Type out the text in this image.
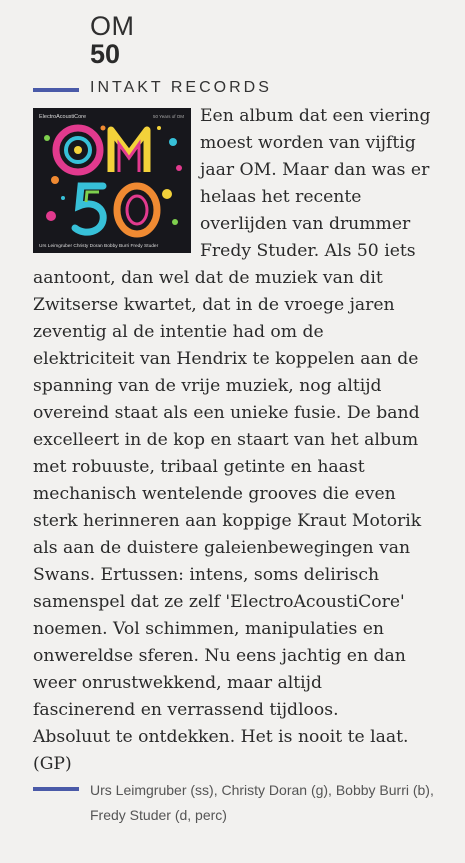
OM
50
INTAKT RECORDS
ElectroAcoustiCore	50 Years of OM
Urs Leimgruber Christy Doran Bobby Burri Fredy Studer
Een album dat een viering
moest worden van vijftig
jaar OM. Maar dan was er
helaas het recente
overlijden van drummer
Fredy Studer. Als 50 iets
aantoont, dan wel dat de muziek van dit
Zwitserse kwartet, dat in de vroege jaren
zeventig al de intentie had om de
elektriciteit van Hendrix te koppelen aan de
spanning van de vrije muziek, nog altijd
overeind staat als een unieke fusie. De band
excelleert in de kop en staart van het album
met robuuste, tribaal getinte en haast
mechanisch wentelende grooves die even
sterk herinneren aan koppige Kraut Motorik
als aan de duistere galeienbewegingen van
Swans. Ertussen: intens, soms delirisch
samenspel dat ze zelf 'ElectroAcoustiCore'
noemen. Vol schimmen, manipulaties en
onwereldse sferen. Nu eens jachtig en dan
weer onrustwekkend, maar altijd
fascinerend en verrassend tijdloos.
Absoluut te ontdekken. Het is nooit te laat.
(GP)
Urs Leimgruber (ss), Christy Doran (g), Bobby Burri (b), Fredy Studer (d, perc)
